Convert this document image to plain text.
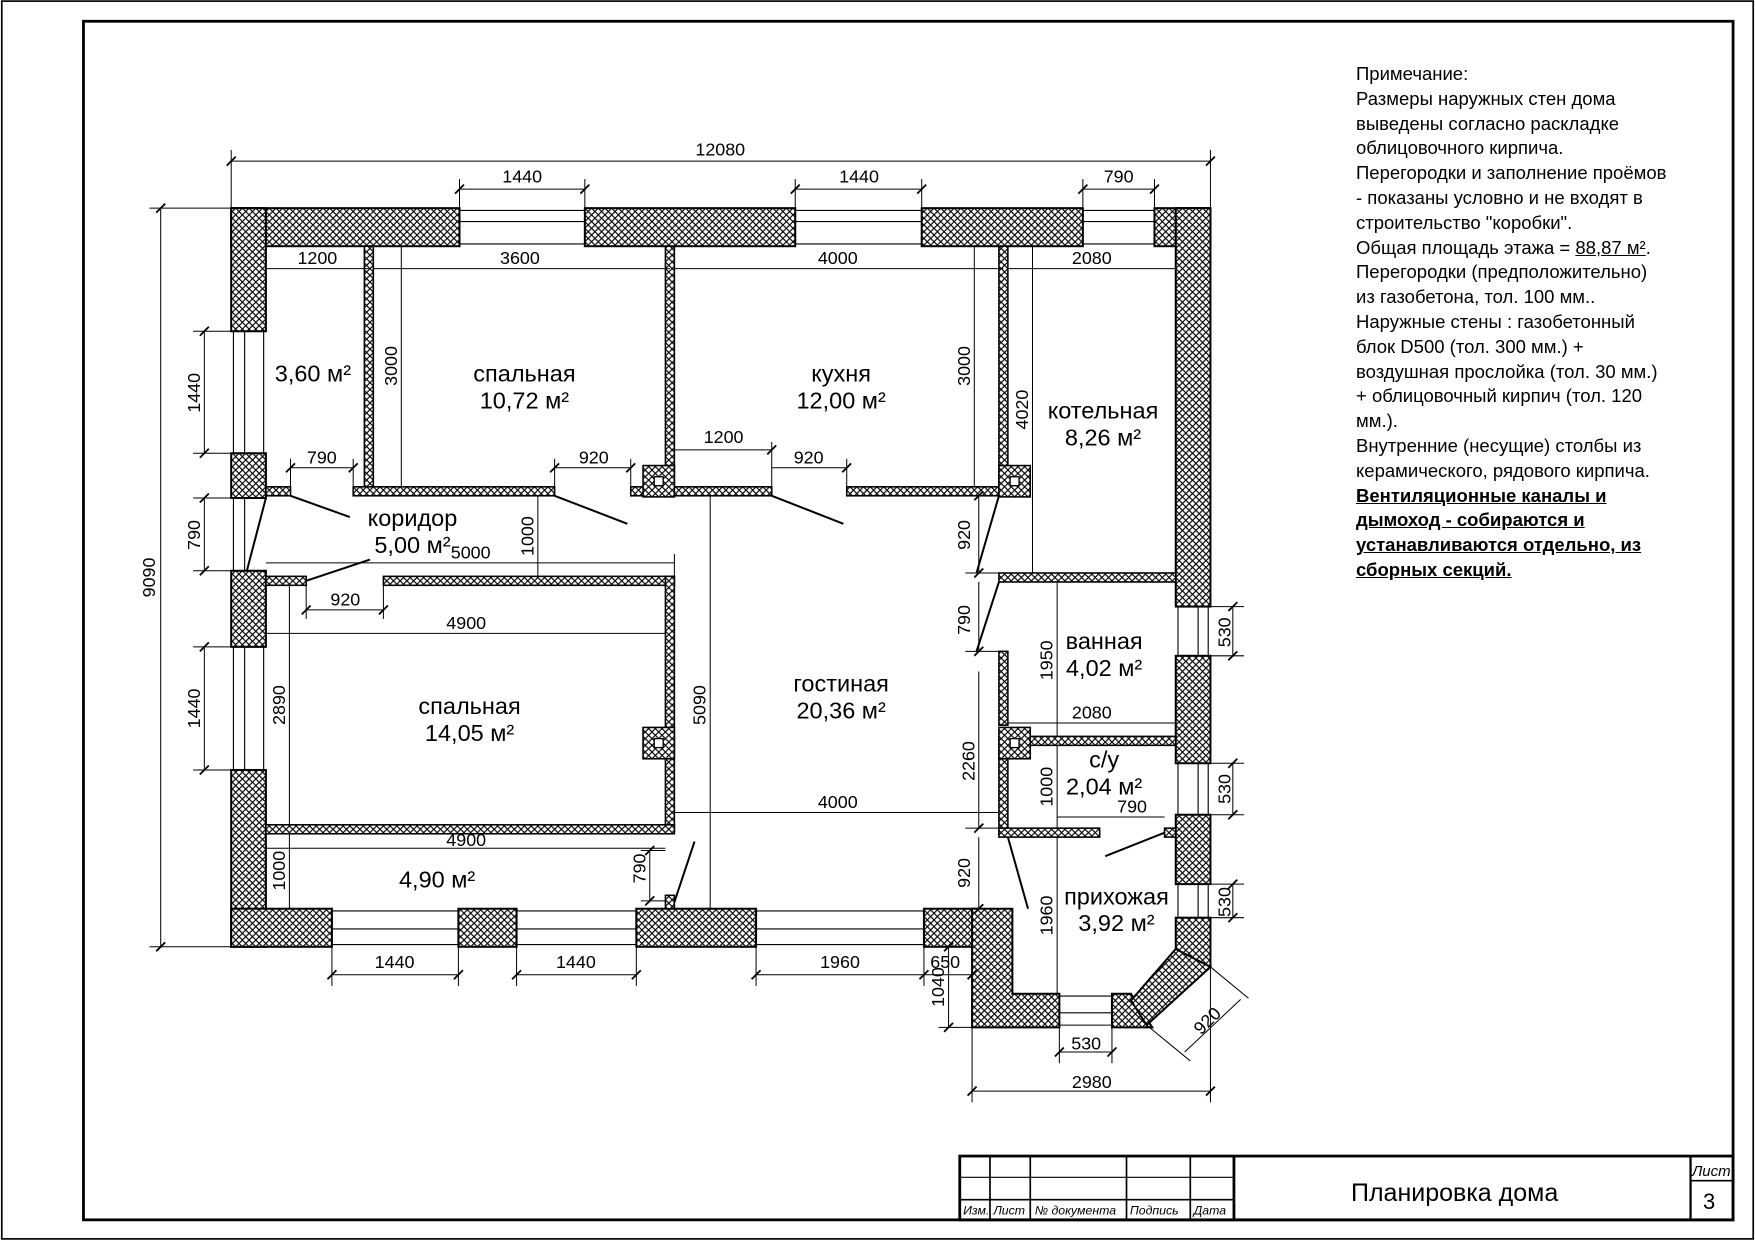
Изм. Лист № документа Подпись Дата
12080
1440	1440	790
1200	3600	4000	2080
790	920
1200
920
5000
920
4900
2080
4000	790
4900
1440	1440	1960	650
530
2980
9090
1440
790
1440
3000	3000
4020
1000
2890	5090
2260
1950
1000
1000	790
920
790
920
1960
1040
530
530
530
920
3,60 м²	спальная
10,72 м²
кухня
12,00 м²	котельная
8,26 м²
коридор
5,00 м²
спальная
14,05 м²
гостиная
20,36 м²
ванная
4,02 м²
с/у
2,04 м²
4,90 м²
прихожая
3,92 м²
Примечание:
Размеры наружных стен дома
выведены согласно раскладке
облицовочного кирпича.
Перегородки и заполнение проёмов
- показаны условно и не входят в
строительство "коробки".
Общая площадь этажа = 88,87 м².
Перегородки (предположительно)
из газобетона, тол. 100 мм..
Наружные стены : газобетонный
блок D500 (тол. 300 мм.) +
воздушная прослойка (тол. 30 мм.)
+ облицовочный кирпич (тол. 120
мм.).
Внутренние (несущие) столбы из
керамического, рядового кирпича.
Вентиляционные каналы и
дымоход - собираются и
устанавливаются отдельно, из
сборных секций.
Планировка дома
Лист
3
